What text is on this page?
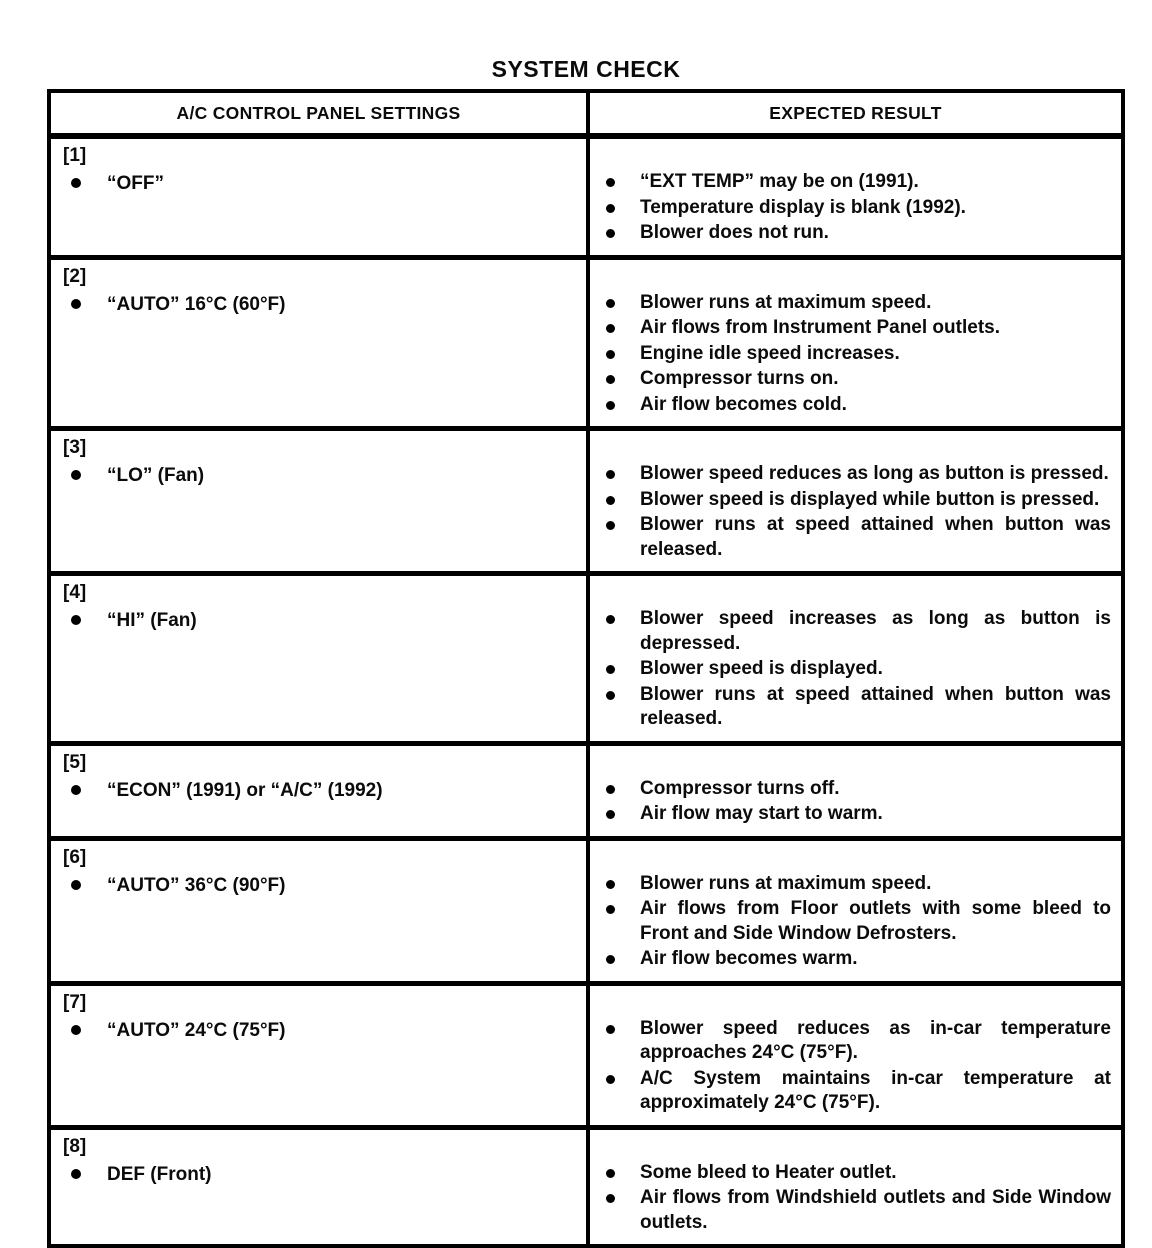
SYSTEM CHECK
A/C CONTROL PANEL SETTINGS	EXPECTED RESULT
[1]
“OFF”	“EXT TEMP” may be on (1991).
Temperature display is blank (1992).
Blower does not run.
[2]
“AUTO” 16°C (60°F)	Blower runs at maximum speed.
Air flows from Instrument Panel outlets.
Engine idle speed increases.
Compressor turns on.
Air flow becomes cold.
[3]
“LO” (Fan)	Blower speed reduces as long as button is pressed.
Blower speed is displayed while button is pressed.
Blower runs at speed attained when button was released.
[4]
“HI” (Fan)	Blower speed increases as long as button is depressed.
Blower speed is displayed.
Blower runs at speed attained when button was released.
[5]
“ECON” (1991) or “A/C” (1992)	Compressor turns off.
Air flow may start to warm.
[6]
“AUTO” 36°C (90°F)	Blower runs at maximum speed.
Air flows from Floor outlets with some bleed to Front and Side Window Defrosters.
Air flow becomes warm.
[7]
“AUTO” 24°C (75°F)	Blower speed reduces as in-car temperature approaches 24°C (75°F).
A/C System maintains in-car temperature at approximately 24°C (75°F).
[8]
DEF (Front)	Some bleed to Heater outlet.
Air flows from Windshield outlets and Side Window outlets.
